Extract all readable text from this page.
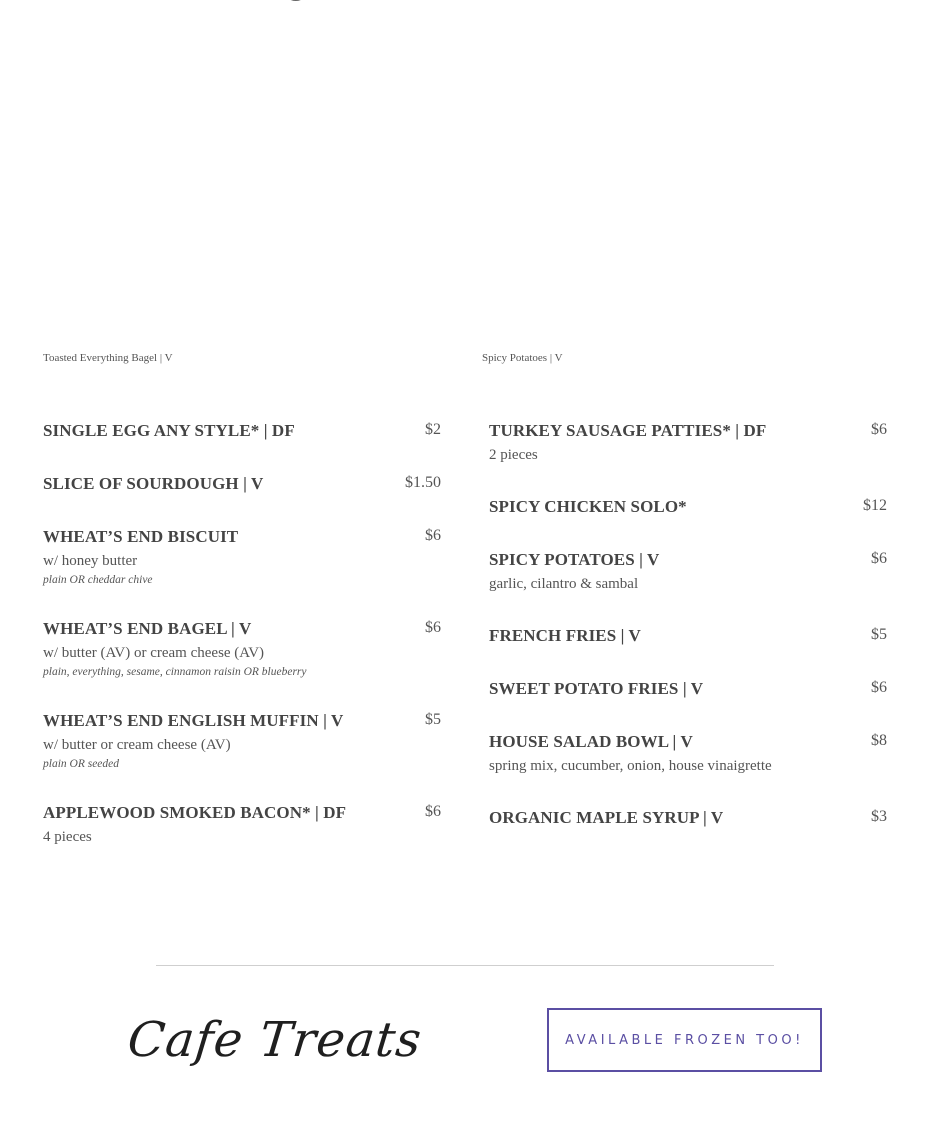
Toasted Everything Bagel | V	Spicy Potatoes | V
SINGLE EGG ANY STYLE* | DF	$2
SLICE OF SOURDOUGH | V	$1.50
WHEAT’S END BISCUIT	$6
w/ honey butter
plain OR cheddar chive
WHEAT’S END BAGEL | V	$6
w/ butter (AV) or cream cheese (AV)
plain, everything, sesame, cinnamon raisin OR blueberry
WHEAT’S END ENGLISH MUFFIN | V	$5
w/ butter or cream cheese (AV)
plain OR seeded
APPLEWOOD SMOKED BACON* | DF	$6
4 pieces
TURKEY SAUSAGE PATTIES* | DF	$6
2 pieces
SPICY CHICKEN SOLO*	$12
SPICY POTATOES | V	$6
garlic, cilantro & sambal
FRENCH FRIES | V	$5
SWEET POTATO FRIES | V	$6
HOUSE SALAD BOWL | V	$8
spring mix, cucumber, onion, house vinaigrette
ORGANIC MAPLE SYRUP | V	$3
Cafe Treats	AVAILABLE FROZEN TOO!
